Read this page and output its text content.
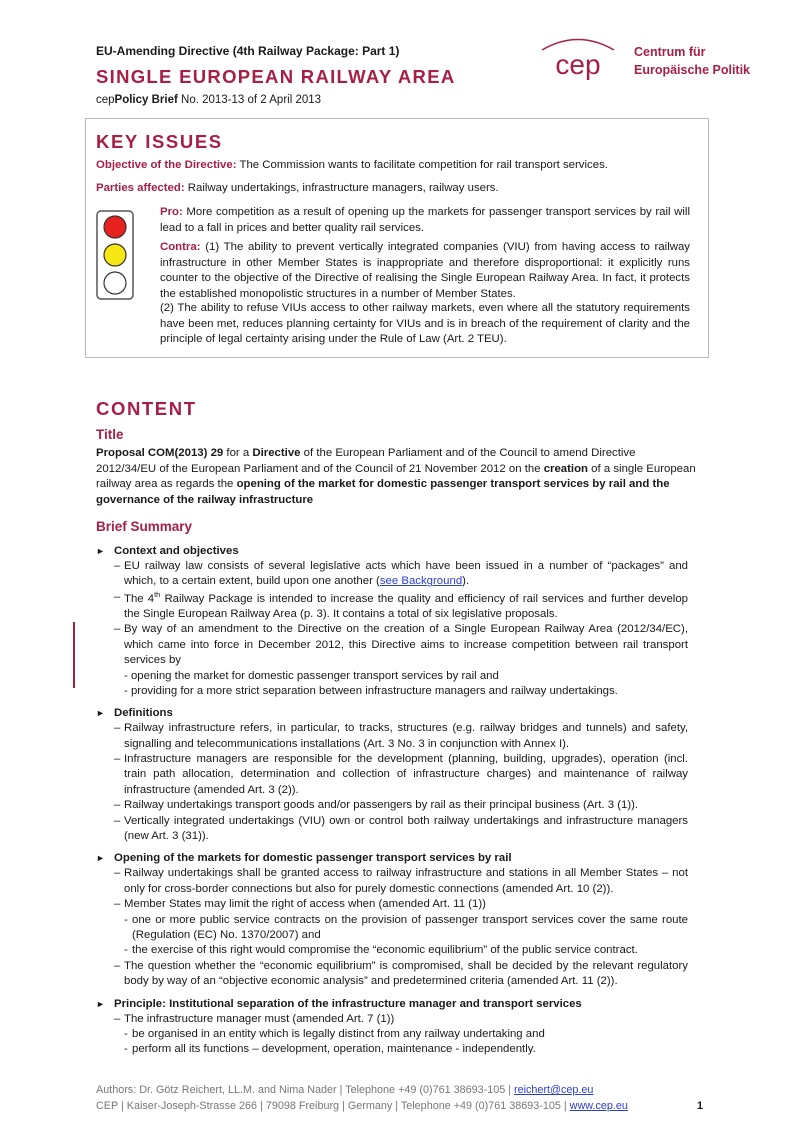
EU-Amending Directive (4th Railway Package: Part 1)
SINGLE EUROPEAN RAILWAY AREA
cepPolicy Brief No. 2013-13 of 2 April 2013
cep	Centrum für
Europäische Politik
KEY ISSUES
Objective of the Directive: The Commission wants to facilitate competition for rail transport services.
Parties affected: Railway undertakings, infrastructure managers, railway users.
Pro: More competition as a result of opening up the markets for passenger transport services by rail will lead to a fall in prices and better quality rail services.
Contra: (1) The ability to prevent vertically integrated companies (VIU) from having access to railway infrastructure in other Member States is inappropriate and therefore disproportional: it explicitly runs counter to the objective of the Directive of realising the Single European Railway Area. In fact, it protects the established monopolistic structures in a number of Member States.
(2) The ability to refuse VIUs access to other railway markets, even where all the statutory requirements have been met, reduces planning certainty for VIUs and is in breach of the requirement of clarity and the principle of legal certainty arising under the Rule of Law (Art. 2 TEU).
CONTENT
Title
Proposal COM(2013) 29 for a Directive of the European Parliament and of the Council to amend Directive 2012/34/EU of the European Parliament and of the Council of 21 November 2012 on the creation of a single European railway area as regards the opening of the market for domestic passenger transport services by rail and the governance of the railway infrastructure
Brief Summary
► Context and objectives
– EU railway law consists of several legislative acts which have been issued in a number of “packages” and which, to a certain extent, build upon one another (see Background).
– The 4th Railway Package is intended to increase the quality and efficiency of rail services and further develop the Single European Railway Area (p. 3). It contains a total of six legislative proposals.
– By way of an amendment to the Directive on the creation of a Single European Railway Area (2012/34/EC), which came into force in December 2012, this Directive aims to increase competition between rail transport services by
- opening the market for domestic passenger transport services by rail and
- providing for a more strict separation between infrastructure managers and railway undertakings.
► Definitions
– Railway infrastructure refers, in particular, to tracks, structures (e.g. railway bridges and tunnels) and safety, signalling and telecommunications installations (Art. 3 No. 3 in conjunction with Annex I).
– Infrastructure managers are responsible for the development (planning, building, upgrades), operation (incl. train path allocation, determination and collection of infrastructure charges) and maintenance of railway infrastructure (amended Art. 3 (2)).
– Railway undertakings transport goods and/or passengers by rail as their principal business (Art. 3 (1)).
– Vertically integrated undertakings (VIU) own or control both railway undertakings and infrastructure managers (new Art. 3 (31)).
► Opening of the markets for domestic passenger transport services by rail
– Railway undertakings shall be granted access to railway infrastructure and stations in all Member States – not only for cross-border connections but also for purely domestic connections (amended Art. 10 (2)).
– Member States may limit the right of access when (amended Art. 11 (1))
- one or more public service contracts on the provision of passenger transport services cover the same route (Regulation (EC) No. 1370/2007) and
- the exercise of this right would compromise the “economic equilibrium” of the public service contract.
– The question whether the “economic equilibrium” is compromised, shall be decided by the relevant regulatory body by way of an “objective economic analysis” and predetermined criteria (amended Art. 11 (2)).
► Principle: Institutional separation of the infrastructure manager and transport services
– The infrastructure manager must (amended Art. 7 (1))
- be organised in an entity which is legally distinct from any railway undertaking and
- perform all its functions – development, operation, maintenance - independently.
Authors: Dr. Götz Reichert, LL.M. and Nima Nader | Telephone +49 (0)761 38693-105 | reichert@cep.eu
CEP | Kaiser-Joseph-Strasse 266 | 79098 Freiburg | Germany | Telephone +49 (0)761 38693-105 | www.cep.eu	1
